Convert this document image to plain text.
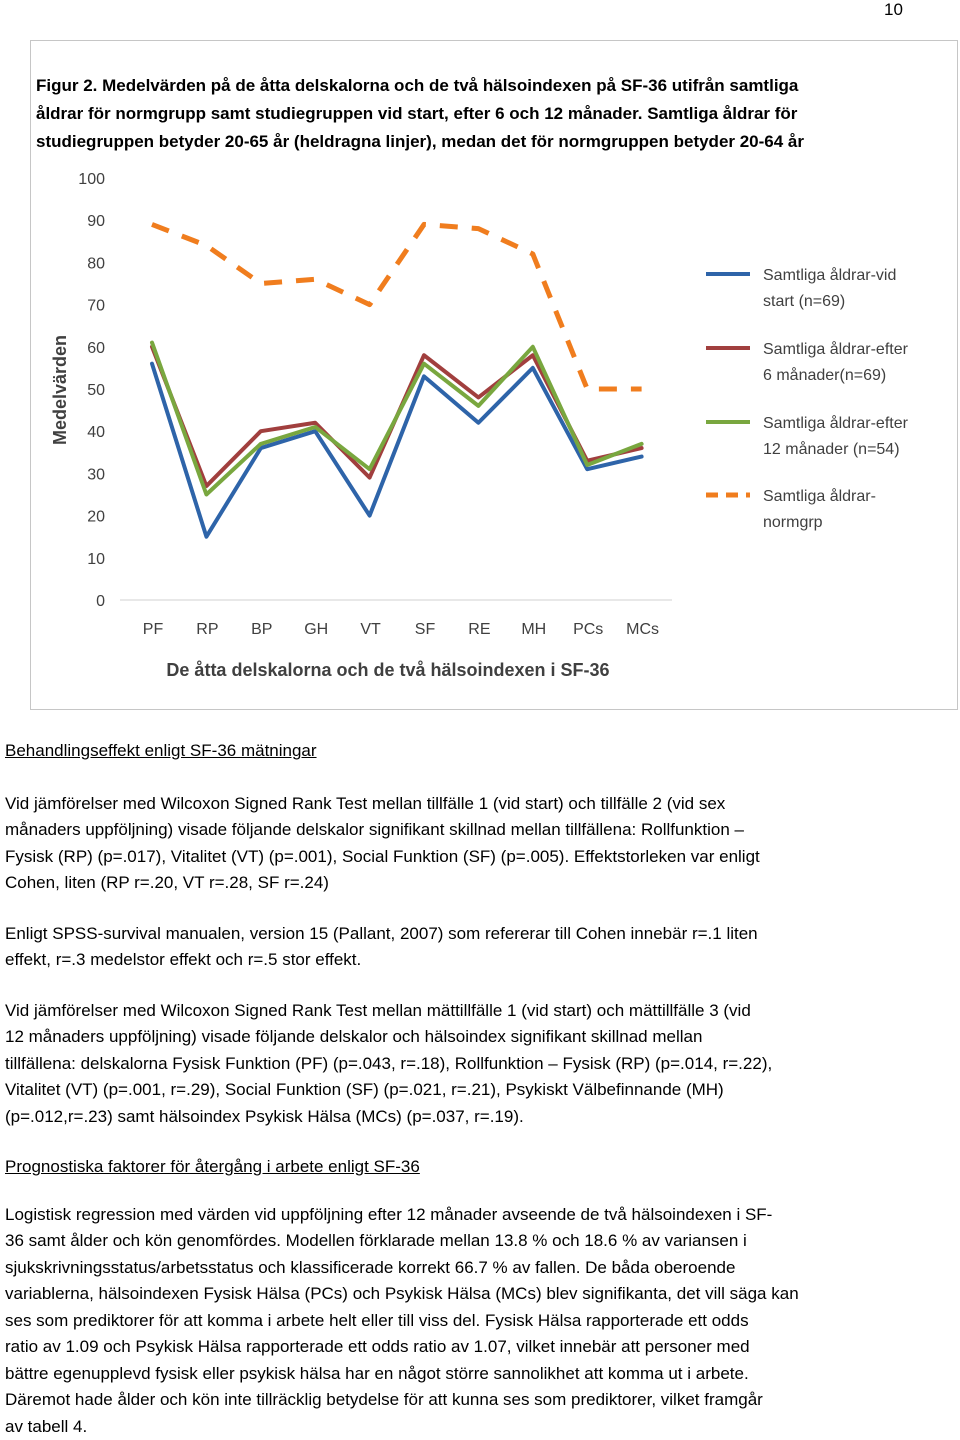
10
Figur 2. Medelvärden på de åtta delskalorna och de två hälsoindexen på SF-36 utifrån samtliga
åldrar för normgrupp samt studiegruppen vid start, efter 6 och 12 månader. Samtliga åldrar för
studiegruppen betyder 20-65 år (heldragna linjer), medan det för normgruppen betyder 20-64 år
0
10
20
30
40
50
60
70
80
90
100
PF RP BP GH VT SF RE MH PCs MCs
Medelvärden
De åtta delskalorna och de två hälsoindexen i SF-36
Samtliga åldrar-vid
start (n=69)
Samtliga åldrar-efter
6 månader(n=69)
Samtliga åldrar-efter
12 månader (n=54)
Samtliga åldrar-
normgrp
Behandlingseffekt enligt SF-36 mätningar
Vid jämförelser med Wilcoxon Signed Rank Test mellan tillfälle 1 (vid start) och tillfälle 2 (vid sex
månaders uppföljning) visade följande delskalor signifikant skillnad mellan tillfällena: Rollfunktion –
Fysisk (RP) (p=.017), Vitalitet (VT) (p=.001), Social Funktion (SF) (p=.005). Effektstorleken var enligt
Cohen, liten (RP r=.20, VT r=.28, SF r=.24)
Enligt SPSS-survival manualen, version 15 (Pallant, 2007) som refererar till Cohen innebär r=.1 liten
effekt, r=.3 medelstor effekt och r=.5 stor effekt.
Vid jämförelser med Wilcoxon Signed Rank Test mellan mättillfälle 1 (vid start) och mättillfälle 3 (vid
12 månaders uppföljning) visade följande delskalor och hälsoindex signifikant skillnad mellan
tillfällena: delskalorna Fysisk Funktion (PF) (p=.043, r=.18), Rollfunktion – Fysisk (RP) (p=.014, r=.22),
Vitalitet (VT) (p=.001, r=.29), Social Funktion (SF) (p=.021, r=.21), Psykiskt Välbefinnande (MH)
(p=.012,r=.23) samt hälsoindex Psykisk Hälsa (MCs) (p=.037, r=.19).
Prognostiska faktorer för återgång i arbete enligt SF-36
Logistisk regression med värden vid uppföljning efter 12 månader avseende de två hälsoindexen i SF-
36 samt ålder och kön genomfördes. Modellen förklarade mellan 13.8 % och 18.6 % av variansen i
sjukskrivningsstatus/arbetsstatus och klassificerade korrekt 66.7 % av fallen. De båda oberoende
variablerna, hälsoindexen Fysisk Hälsa (PCs) och Psykisk Hälsa (MCs) blev signifikanta, det vill säga kan
ses som prediktorer för att komma i arbete helt eller till viss del. Fysisk Hälsa rapporterade ett odds
ratio av 1.09 och Psykisk Hälsa rapporterade ett odds ratio av 1.07, vilket innebär att personer med
bättre egenupplevd fysisk eller psykisk hälsa har en något större sannolikhet att komma ut i arbete.
Däremot hade ålder och kön inte tillräcklig betydelse för att kunna ses som prediktorer, vilket framgår
av tabell 4.
